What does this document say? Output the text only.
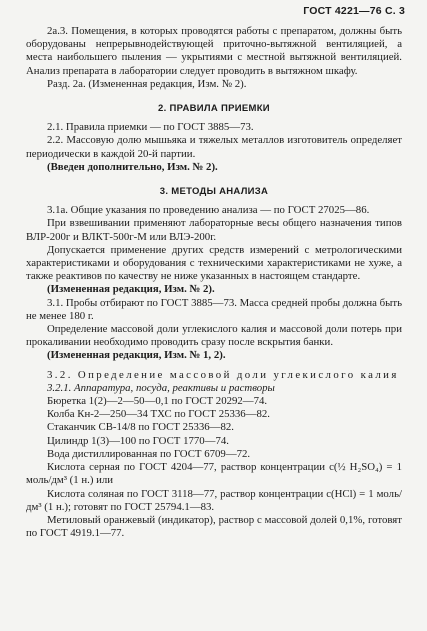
ГОСТ 4221—76 С. 3

2а.3. Помещения, в которых проводятся работы с препаратом, должны быть оборудованы непрерывнодействующей приточно-вытяжной вентиляцией, а места наибольшего пыления — укрытиями с местной вытяжной вентиляцией. Анализ препарата в лаборатории следует проводить в вытяжном шкафу.

Разд. 2а. (Измененная редакция, Изм. № 2).

2. ПРАВИЛА ПРИЕМКИ

2.1. Правила приемки — по ГОСТ 3885—73.

2.2. Массовую долю мышьяка и тяжелых металлов изготовитель определяет периодически в каждой 20-й партии.

(Введен дополнительно, Изм. № 2).

3. МЕТОДЫ АНАЛИЗА

3.1а. Общие указания по проведению анализа — по ГОСТ 27025—86.

При взвешивании применяют лабораторные весы общего назначения типов ВЛР-200г и ВЛКТ-500г-М или ВЛЭ-200г.

Допускается применение других средств измерений с метрологическими характеристиками и оборудования с техническими характеристиками не хуже, а также реактивов по качеству не ниже указанных в настоящем стандарте.

(Измененная редакция, Изм. № 2).

3.1. Пробы отбирают по ГОСТ 3885—73. Масса средней пробы должна быть не менее 180 г.

Определение массовой доли углекислого калия и массовой доли потерь при прокаливании необходимо проводить сразу после вскрытия банки.

(Измененная редакция, Изм. № 1, 2).

3.2. Определение массовой доли углекислого калия

3.2.1. Аппаратура, посуда, реактивы и растворы

Бюретка 1(2)—2—50—0,1 по ГОСТ 20292—74.

Колба Кн-2—250—34 ТХС по ГОСТ 25336—82.

Стаканчик СВ-14/8 по ГОСТ 25336—82.

Цилиндр 1(3)—100 по ГОСТ 1770—74.

Вода дистиллированная по ГОСТ 6709—72.

Кислота серная по ГОСТ 4204—77, раствор концентрации c(½ H₂SO₄) = 1 моль/дм³ (1 н.) или

Кислота соляная по ГОСТ 3118—77, раствор концентрации c(HCl) = 1 моль/дм³ (1 н.); готовят по ГОСТ 25794.1—83.

Метиловый оранжевый (индикатор), раствор с массовой долей 0,1%, готовят по ГОСТ 4919.1—77.
